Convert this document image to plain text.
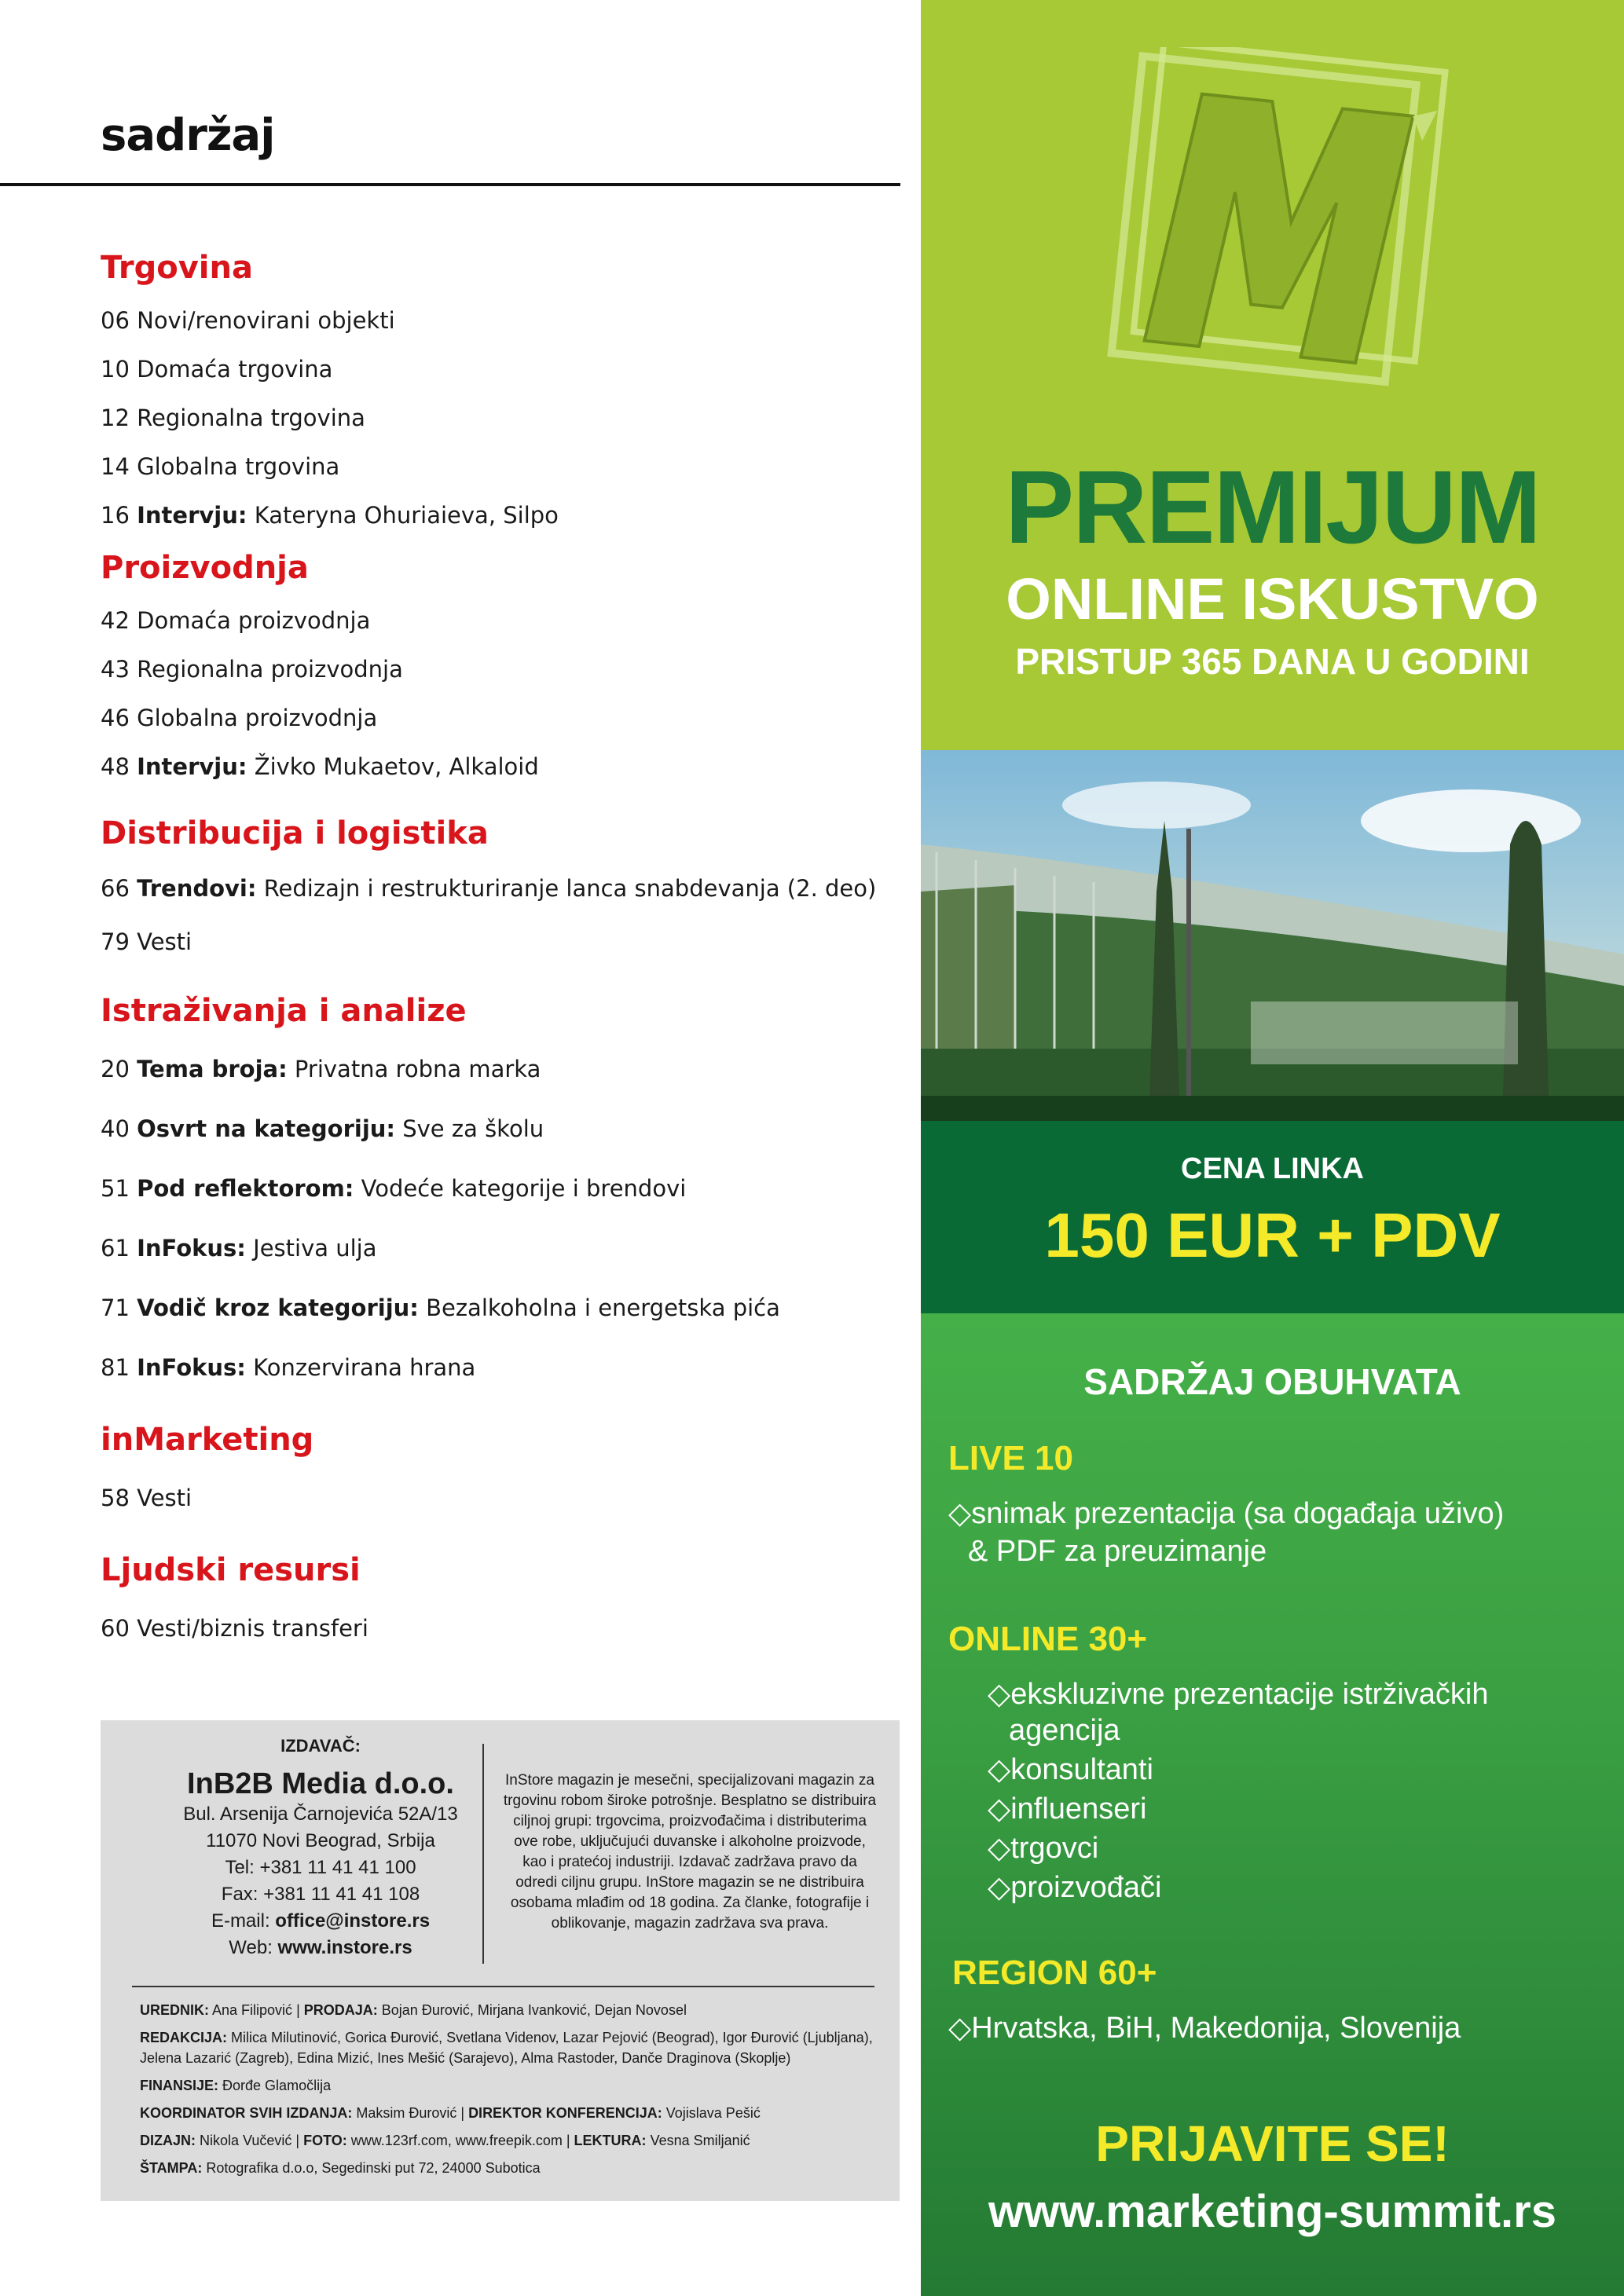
sadržaj
Trgovina
06 Novi/renovirani objekti
10 Domaća trgovina
12 Regionalna trgovina
14 Globalna trgovina
16 Intervju: Kateryna Ohuriaieva, Silpo
Proizvodnja
42 Domaća proizvodnja
43 Regionalna proizvodnja
46 Globalna proizvodnja
48 Intervju: Živko Mukaetov, Alkaloid
Distribucija i logistika
66 Trendovi: Redizajn i restrukturiranje lanca snabdevanja (2. deo)
79 Vesti
Istraživanja i analize
20 Tema broja: Privatna robna marka
40 Osvrt na kategoriju: Sve za školu
51 Pod reflektorom: Vodeće kategorije i brendovi
61 InFokus: Jestiva ulja
71 Vodič kroz kategoriju: Bezalkoholna i energetska pića
81 InFokus: Konzervirana hrana
inMarketing
58 Vesti
Ljudski resursi
60 Vesti/biznis transferi
IZDAVAČ:
InB2B Media d.o.o.
Bul. Arsenija Čarnojevića 52A/13
11070 Novi Beograd, Srbija
Tel: +381 11 41 41 100
Fax: +381 11 41 41 108
E-mail: office@instore.rs
Web: www.instore.rs
InStore magazin je mesečni, specijalizovani magazin za trgovinu robom široke potrošnje. Besplatno se distribuira ciljnoj grupi: trgovcima, proizvođačima i distributerima ove robe, uključujući duvanske i alkoholne proizvode, kao i pratećoj industriji. Izdavač zadržava pravo da odredi ciljnu grupu. InStore magazin se ne distribuira osobama mlađim od 18 godina. Za članke, fotografije i oblikovanje, magazin zadržava sva prava.

UREDNIK: Ana Filipović | PRODAJA: Bojan Đurović, Mirjana Ivanković, Dejan Novosel

REDAKCIJA: Milica Milutinović, Gorica Đurović, Svetlana Videnov, Lazar Pejović (Beograd), Igor Đurović (Ljubljana), Jelena Lazarić (Zagreb), Edina Mizić, Ines Mešić (Sarajevo), Alma Rastoder, Danče Draginova (Skoplje)

FINANSIJE: Đorđe Glamočlija

KOORDINATOR SVIH IZDANJA: Maksim Đurović | DIREKTOR KONFERENCIJA: Vojislava Pešić

DIZAJN: Nikola Vučević | FOTO: www.123rf.com, www.freepik.com | LEKTURA: Vesna Smiljanić

ŠTAMPA: Rotografika d.o.o, Segedinski put 72, 24000 Subotica

PREMIJUM
ONLINE ISKUSTVO
PRISTUP 365 DANA U GODINI
CENA LINKA
150 EUR + PDV
SADRŽAJ OBUHVATA
LIVE 10
◇snimak prezentacija (sa događaja uživo)
& PDF za preuzimanje
ONLINE 30+
◇ekskluzivne prezentacije istrživačkih
agencija
◇konsultanti
◇influenseri
◇trgovci
◇proizvođači
REGION 60+
◇Hrvatska, BiH, Makedonija, Slovenija
PRIJAVITE SE!
www.marketing-summit.rs
